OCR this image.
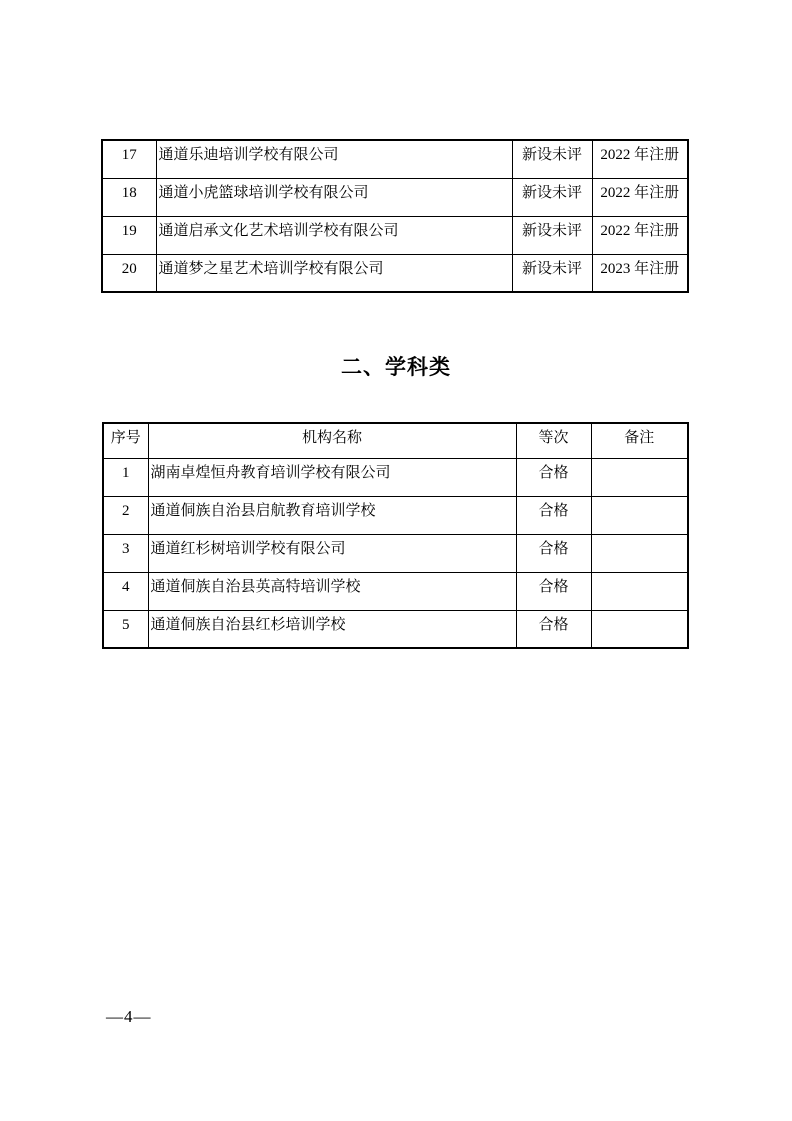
17	通道乐迪培训学校有限公司	新设未评	2022 年注册
18	通道小虎篮球培训学校有限公司	新设未评	2022 年注册
19	通道启承文化艺术培训学校有限公司	新设未评	2022 年注册
20	通道梦之星艺术培训学校有限公司	新设未评	2023 年注册
二、学科类
序号	机构名称	等次	备注
1	湖南卓煌恒舟教育培训学校有限公司	合格	
2	通道侗族自治县启航教育培训学校	合格	
3	通道红杉树培训学校有限公司	合格	
4	通道侗族自治县英高特培训学校	合格	
5	通道侗族自治县红杉培训学校	合格	
—4—
